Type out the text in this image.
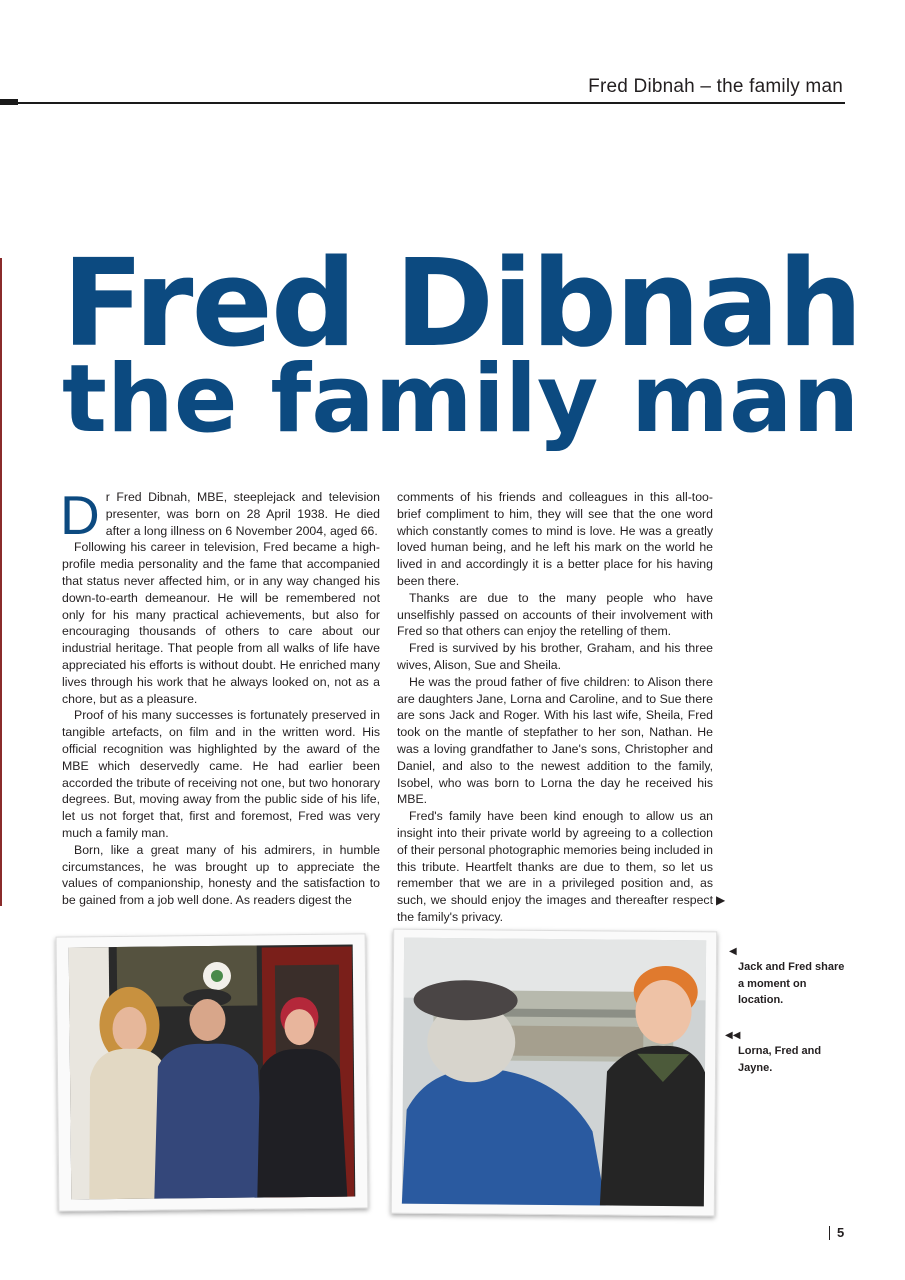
Fred Dibnah – the family man
Fred Dibnah
the family man

Dr Fred Dibnah, MBE, steeplejack and television presenter, was born on 28 April 1938. He died after a long illness on 6 November 2004, aged 66.

Following his career in television, Fred became a high-profile media personality and the fame that accompanied that status never affected him, or in any way changed his down-to-earth demeanour. He will be remembered not only for his many practical achievements, but also for encouraging thousands of others to care about our industrial heritage. That people from all walks of life have appreciated his efforts is without doubt. He enriched many lives through his work that he always looked on, not as a chore, but as a pleasure.

Proof of his many successes is fortunately preserved in tangible artefacts, on film and in the written word. His official recognition was highlighted by the award of the MBE which deservedly came. He had earlier been accorded the tribute of receiving not one, but two honorary degrees. But, moving away from the public side of his life, let us not forget that, first and foremost, Fred was very much a family man.

Born, like a great many of his admirers, in humble circumstances, he was brought up to appreciate the values of companionship, honesty and the satisfaction to be gained from a job well done. As readers digest the

comments of his friends and colleagues in this all-too-brief compliment to him, they will see that the one word which constantly comes to mind is love. He was a greatly loved human being, and he left his mark on the world he lived in and accordingly it is a better place for his having been there.

Thanks are due to the many people who have unselfishly passed on accounts of their involvement with Fred so that others can enjoy the retelling of them.

Fred is survived by his brother, Graham, and his three wives, Alison, Sue and Sheila.

He was the proud father of five children: to Alison there are daughters Jane, Lorna and Caroline, and to Sue there are sons Jack and Roger. With his last wife, Sheila, Fred took on the mantle of stepfather to her son, Nathan. He was a loving grandfather to Jane's sons, Christopher and Daniel, and also to the newest addition to the family, Isobel, who was born to Lorna the day he received his MBE.

Fred's family have been kind enough to allow us an insight into their private world by agreeing to a collection of their personal photographic memories being included in this tribute. Heartfelt thanks are due to them, so let us remember that we are in a privileged position and, as such, we should enjoy the images and thereafter respect the family's privacy.

▶
◀
Jack and Fred share a moment on location.
◀◀
Lorna, Fred and Jayne.
5
